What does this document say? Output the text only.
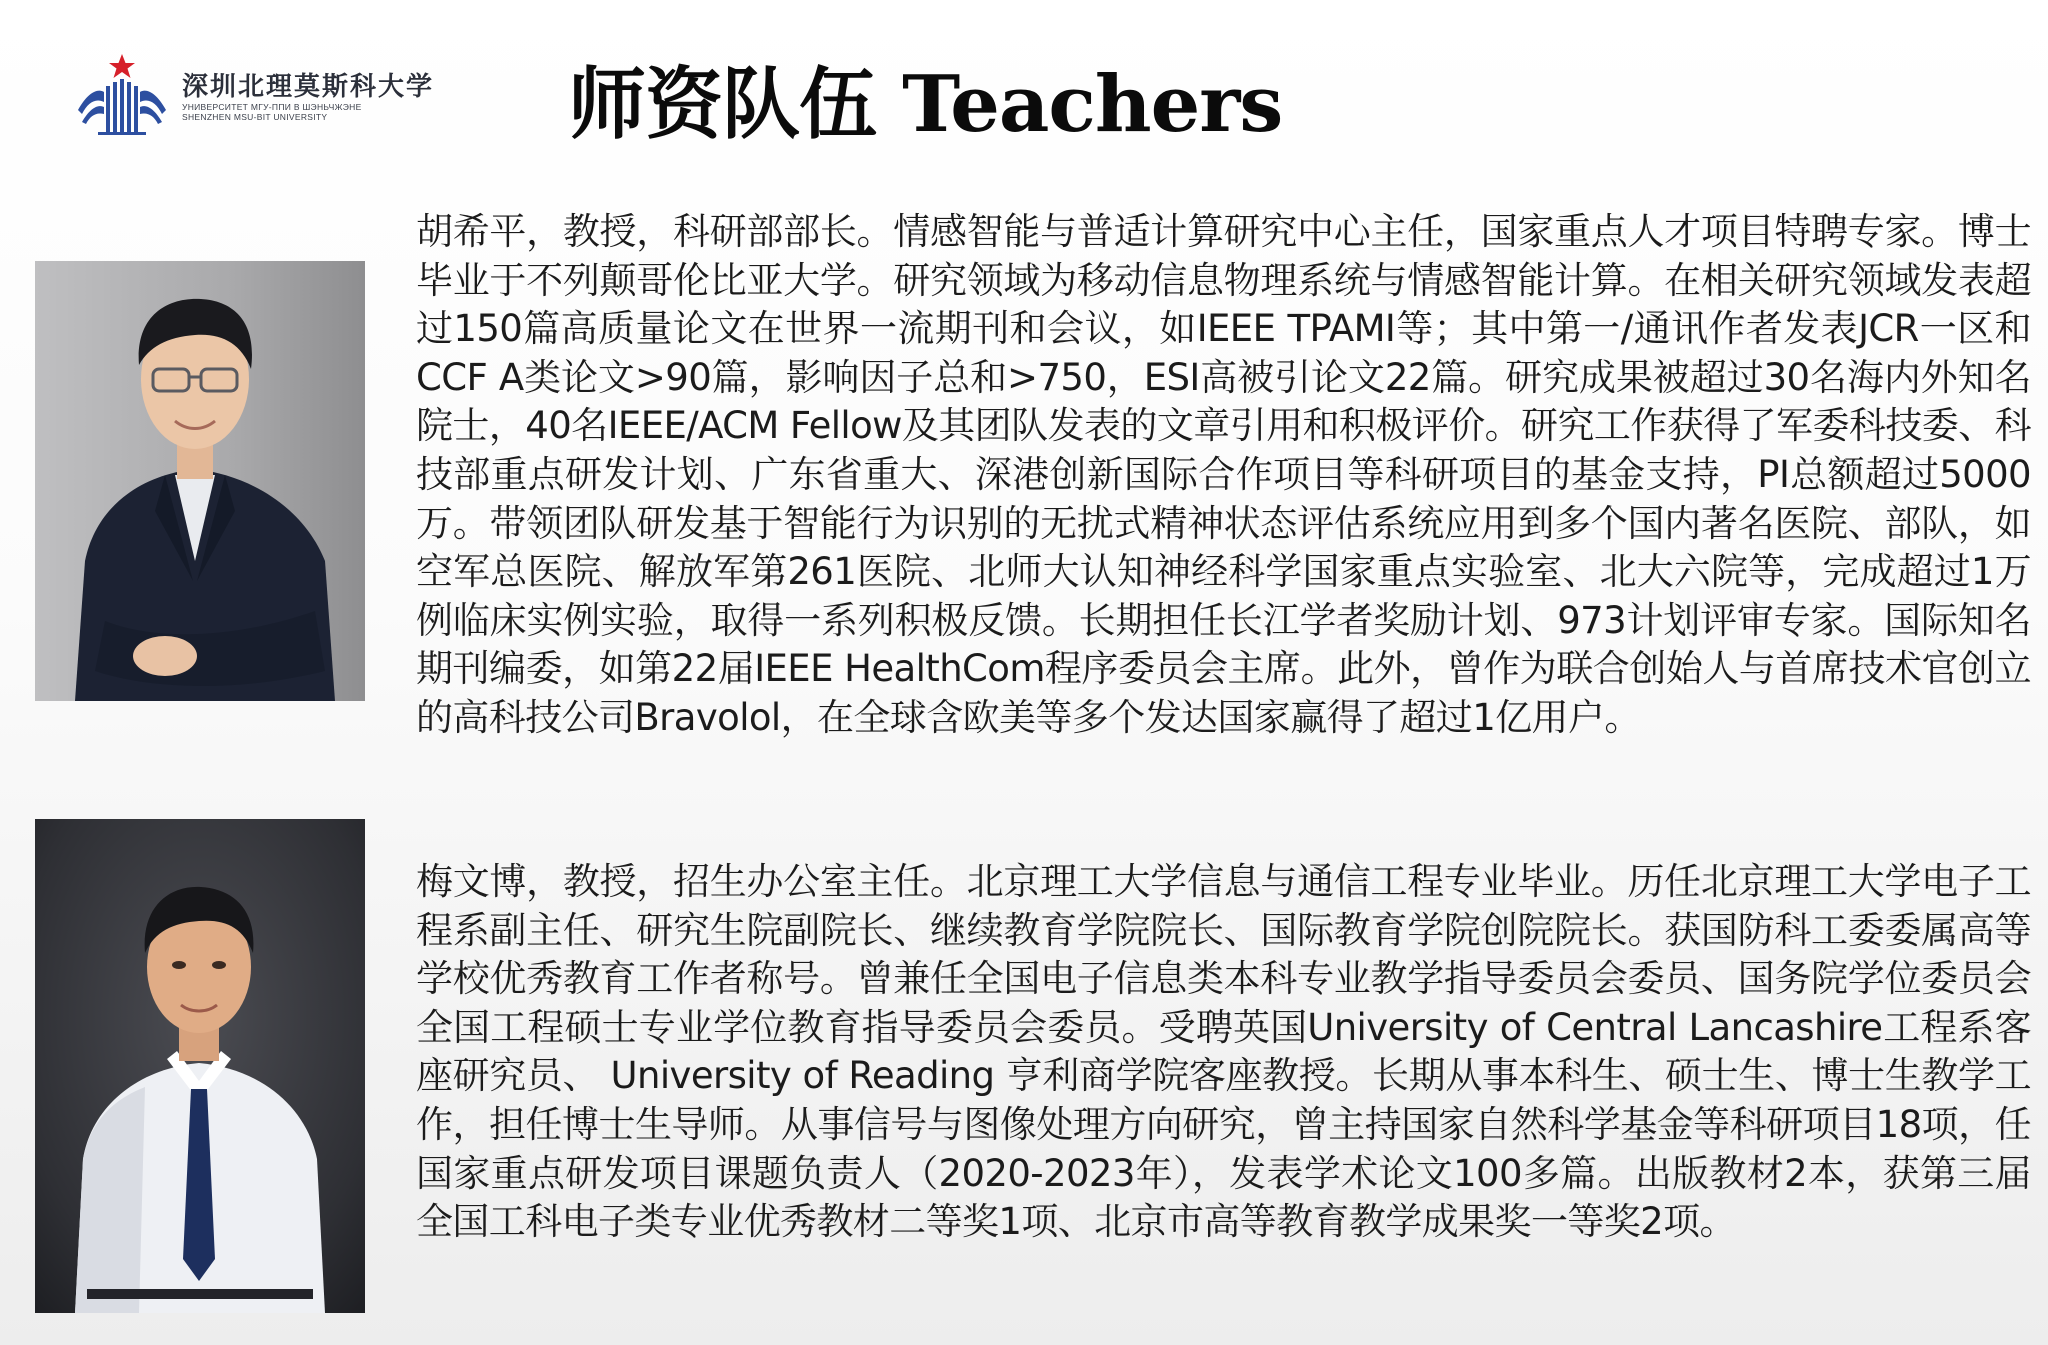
深圳北理莫斯科大学
УНИВЕРСИТЕТ МГУ-ППИ В ШЭНЬЧЖЭНЕ
SHENZHEN MSU-BIT UNIVERSITY	师资队伍 Teachers

胡希平，教授，科研部部长。情感智能与普适计算研究中心主任，国家重点人才项目特聘专家。博士毕业于不列颠哥伦比亚大学。研究领域为移动信息物理系统与情感智能计算。在相关研究领域发表超过150篇高质量论文在世界一流期刊和会议，如IEEE TPAMI等；其中第一/通讯作者发表JCR一区和CCF A类论文>90篇，影响因子总和>750，ESI高被引论文22篇。研究成果被超过30名海内外知名院士，40名IEEE/ACM Fellow及其团队发表的文章引用和积极评价。研究工作获得了军委科技委、科技部重点研发计划、广东省重大、深港创新国际合作项目等科研项目的基金支持，PI总额超过5000万。带领团队研发基于智能行为识别的无扰式精神状态评估系统应用到多个国内著名医院、部队，如空军总医院、解放军第261医院、北师大认知神经科学国家重点实验室、北大六院等，完成超过1万例临床实例实验，取得一系列积极反馈。长期担任长江学者奖励计划、973计划评审专家。国际知名期刊编委，如第22届IEEE HealthCom程序委员会主席。此外，曾作为联合创始人与首席技术官创立的高科技公司Bravolol，在全球含欧美等多个发达国家赢得了超过1亿用户。

梅文博，教授，招生办公室主任。北京理工大学信息与通信工程专业毕业。历任北京理工大学电子工程系副主任、研究生院副院长、继续教育学院院长、国际教育学院创院院长。获国防科工委委属高等学校优秀教育工作者称号。曾兼任全国电子信息类本科专业教学指导委员会委员、国务院学位委员会全国工程硕士专业学位教育指导委员会委员。受聘英国University of Central Lancashire工程系客座研究员、 University of Reading 亨利商学院客座教授。长期从事本科生、硕士生、博士生教学工作，担任博士生导师。从事信号与图像处理方向研究，曾主持国家自然科学基金等科研项目18项，任国家重点研发项目课题负责人（2020-2023年），发表学术论文100多篇。出版教材2本，获第三届全国工科电子类专业优秀教材二等奖1项、北京市高等教育教学成果奖一等奖2项。
